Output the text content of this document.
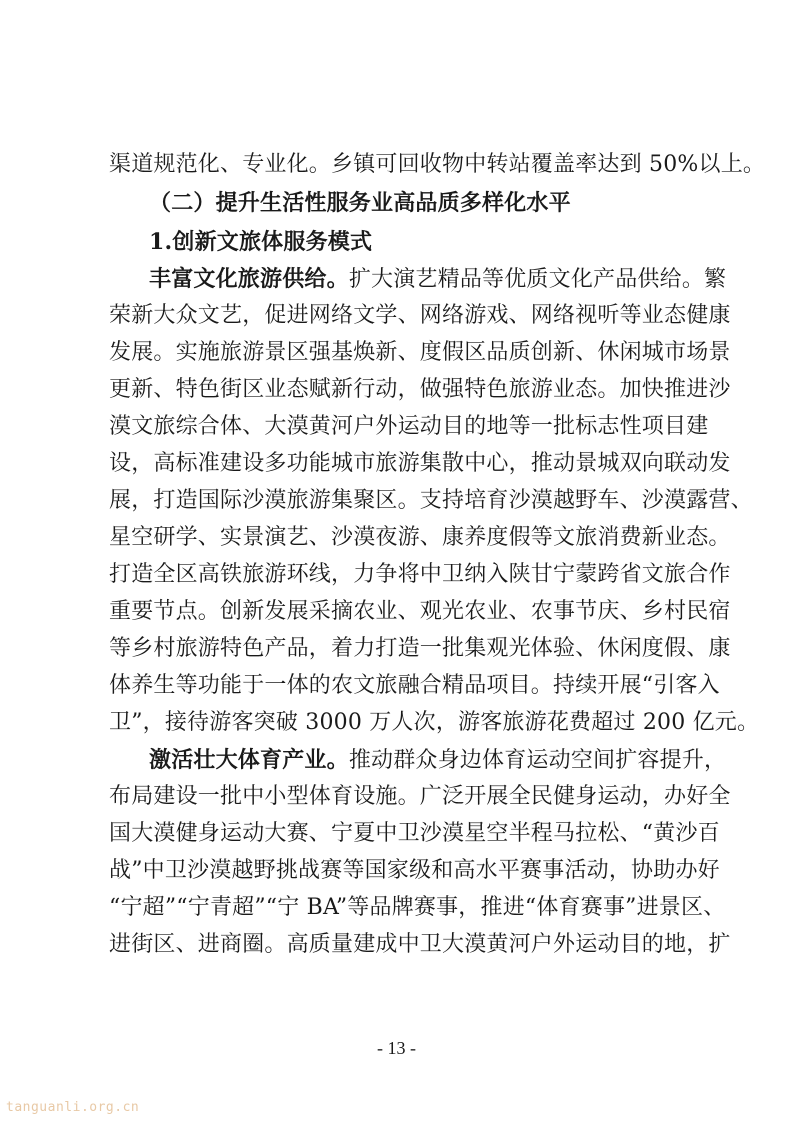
渠道规范化、专业化。乡镇可回收物中转站覆盖率达到 50%以上。
（二）提升生活性服务业高品质多样化水平
1.创新文旅体服务模式
丰富文化旅游供给。扩大演艺精品等优质文化产品供给。繁
荣新大众文艺，促进网络文学、网络游戏、网络视听等业态健康
发展。实施旅游景区强基焕新、度假区品质创新、休闲城市场景
更新、特色街区业态赋新行动，做强特色旅游业态。加快推进沙
漠文旅综合体、大漠黄河户外运动目的地等一批标志性项目建
设，高标准建设多功能城市旅游集散中心，推动景城双向联动发
展，打造国际沙漠旅游集聚区。支持培育沙漠越野车、沙漠露营、
星空研学、实景演艺、沙漠夜游、康养度假等文旅消费新业态。
打造全区高铁旅游环线，力争将中卫纳入陕甘宁蒙跨省文旅合作
重要节点。创新发展采摘农业、观光农业、农事节庆、乡村民宿
等乡村旅游特色产品，着力打造一批集观光体验、休闲度假、康
体养生等功能于一体的农文旅融合精品项目。持续开展“引客入
卫”，接待游客突破 3000 万人次，游客旅游花费超过 200 亿元。
激活壮大体育产业。推动群众身边体育运动空间扩容提升，
布局建设一批中小型体育设施。广泛开展全民健身运动，办好全
国大漠健身运动大赛、宁夏中卫沙漠星空半程马拉松、“黄沙百
战”中卫沙漠越野挑战赛等国家级和高水平赛事活动，协助办好
“宁超”“宁青超”“宁 BA”等品牌赛事，推进“体育赛事”进景区、
进街区、进商圈。高质量建成中卫大漠黄河户外运动目的地，扩
- 13 -
tanguanli.org.cn
